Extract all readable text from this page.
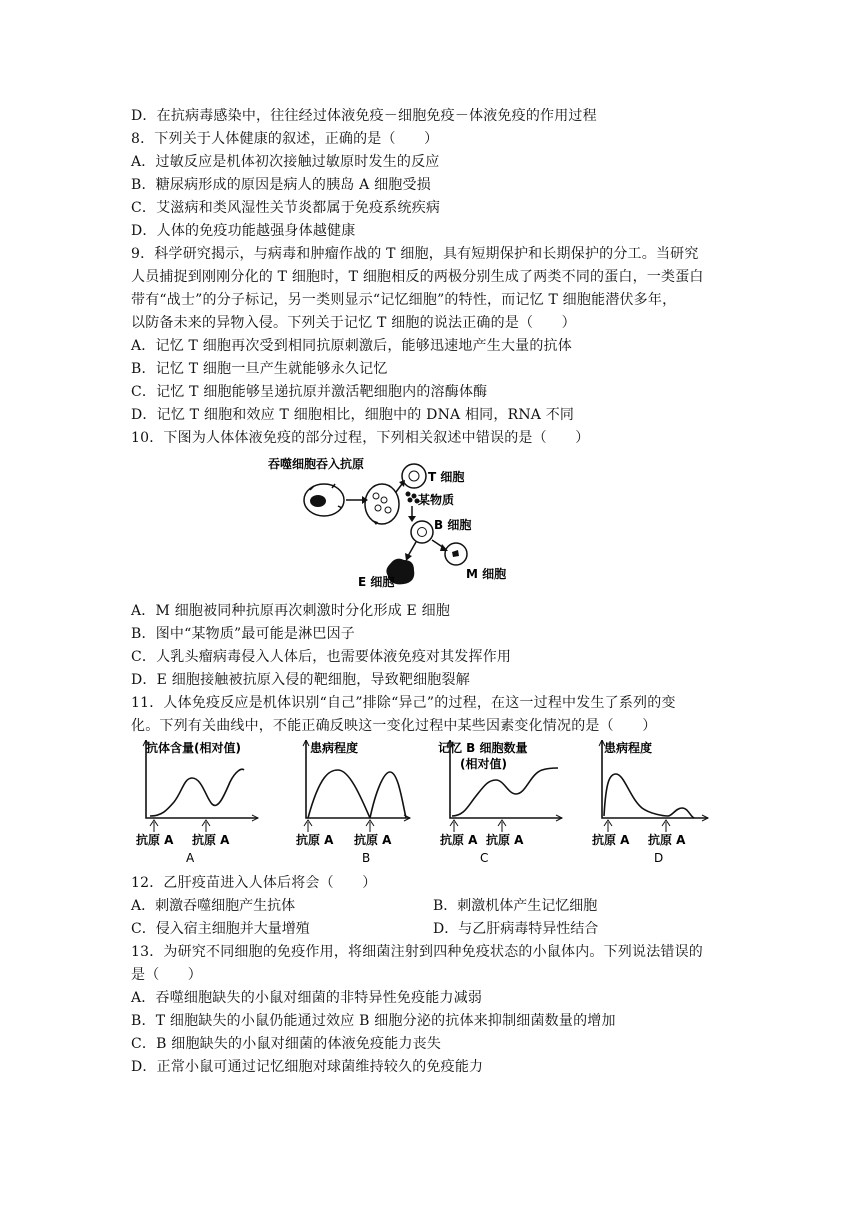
D．在抗病毒感染中，往往经过体液免疫－细胞免疫－体液免疫的作用过程
8．下列关于人体健康的叙述，正确的是（　　）
A．过敏反应是机体初次接触过敏原时发生的反应
B．糖尿病形成的原因是病人的胰岛 A 细胞受损
C．艾滋病和类风湿性关节炎都属于免疫系统疾病
D．人体的免疫功能越强身体越健康
9．科学研究揭示，与病毒和肿瘤作战的 T 细胞，具有短期保护和长期保护的分工。当研究
人员捕捉到刚刚分化的 T 细胞时，T 细胞相反的两极分别生成了两类不同的蛋白，一类蛋白
带有“战士”的分子标记，另一类则显示“记忆细胞”的特性，而记忆 T 细胞能潜伏多年，
以防备未来的异物入侵。下列关于记忆 T 细胞的说法正确的是（　　）
A．记忆 T 细胞再次受到相同抗原刺激后，能够迅速地产生大量的抗体
B．记忆 T 细胞一旦产生就能够永久记忆
C．记忆 T 细胞能够呈递抗原并激活靶细胞内的溶酶体酶
D．记忆 T 细胞和效应 T 细胞相比，细胞中的 DNA 相同，RNA 不同
10．下图为人体体液免疫的部分过程，下列相关叙述中错误的是（　　）
吞噬细胞吞入抗原
T 细胞
某物质
B 细胞
M 细胞
E 细胞
A．M 细胞被同种抗原再次刺激时分化形成 E 细胞
B．图中“某物质”最可能是淋巴因子
C．人乳头瘤病毒侵入人体后，也需要体液免疫对其发挥作用
D．E 细胞接触被抗原入侵的靶细胞，导致靶细胞裂解
11．人体免疫反应是机体识别“自己”排除“异己”的过程，在这一过程中发生了系列的变
化。下列有关曲线中，不能正确反映这一变化过程中某些因素变化情况的是（　　）
抗体含量(相对值)
抗原 A 抗原 A
A
患病程度
抗原 A 抗原 A
B
记忆 B 细胞数量
(相对值)
抗原 A 抗原 A
C
患病程度
抗原 A 抗原 A
D
12．乙肝疫苗进入人体后将会（　　）
A．刺激吞噬细胞产生抗体	B．刺激机体产生记忆细胞
C．侵入宿主细胞并大量增殖	D．与乙肝病毒特异性结合
13．为研究不同细胞的免疫作用，将细菌注射到四种免疫状态的小鼠体内。下列说法错误的
是（　　）
A．吞噬细胞缺失的小鼠对细菌的非特异性免疫能力减弱
B．T 细胞缺失的小鼠仍能通过效应 B 细胞分泌的抗体来抑制细菌数量的增加
C．B 细胞缺失的小鼠对细菌的体液免疫能力丧失
D．正常小鼠可通过记忆细胞对球菌维持较久的免疫能力
